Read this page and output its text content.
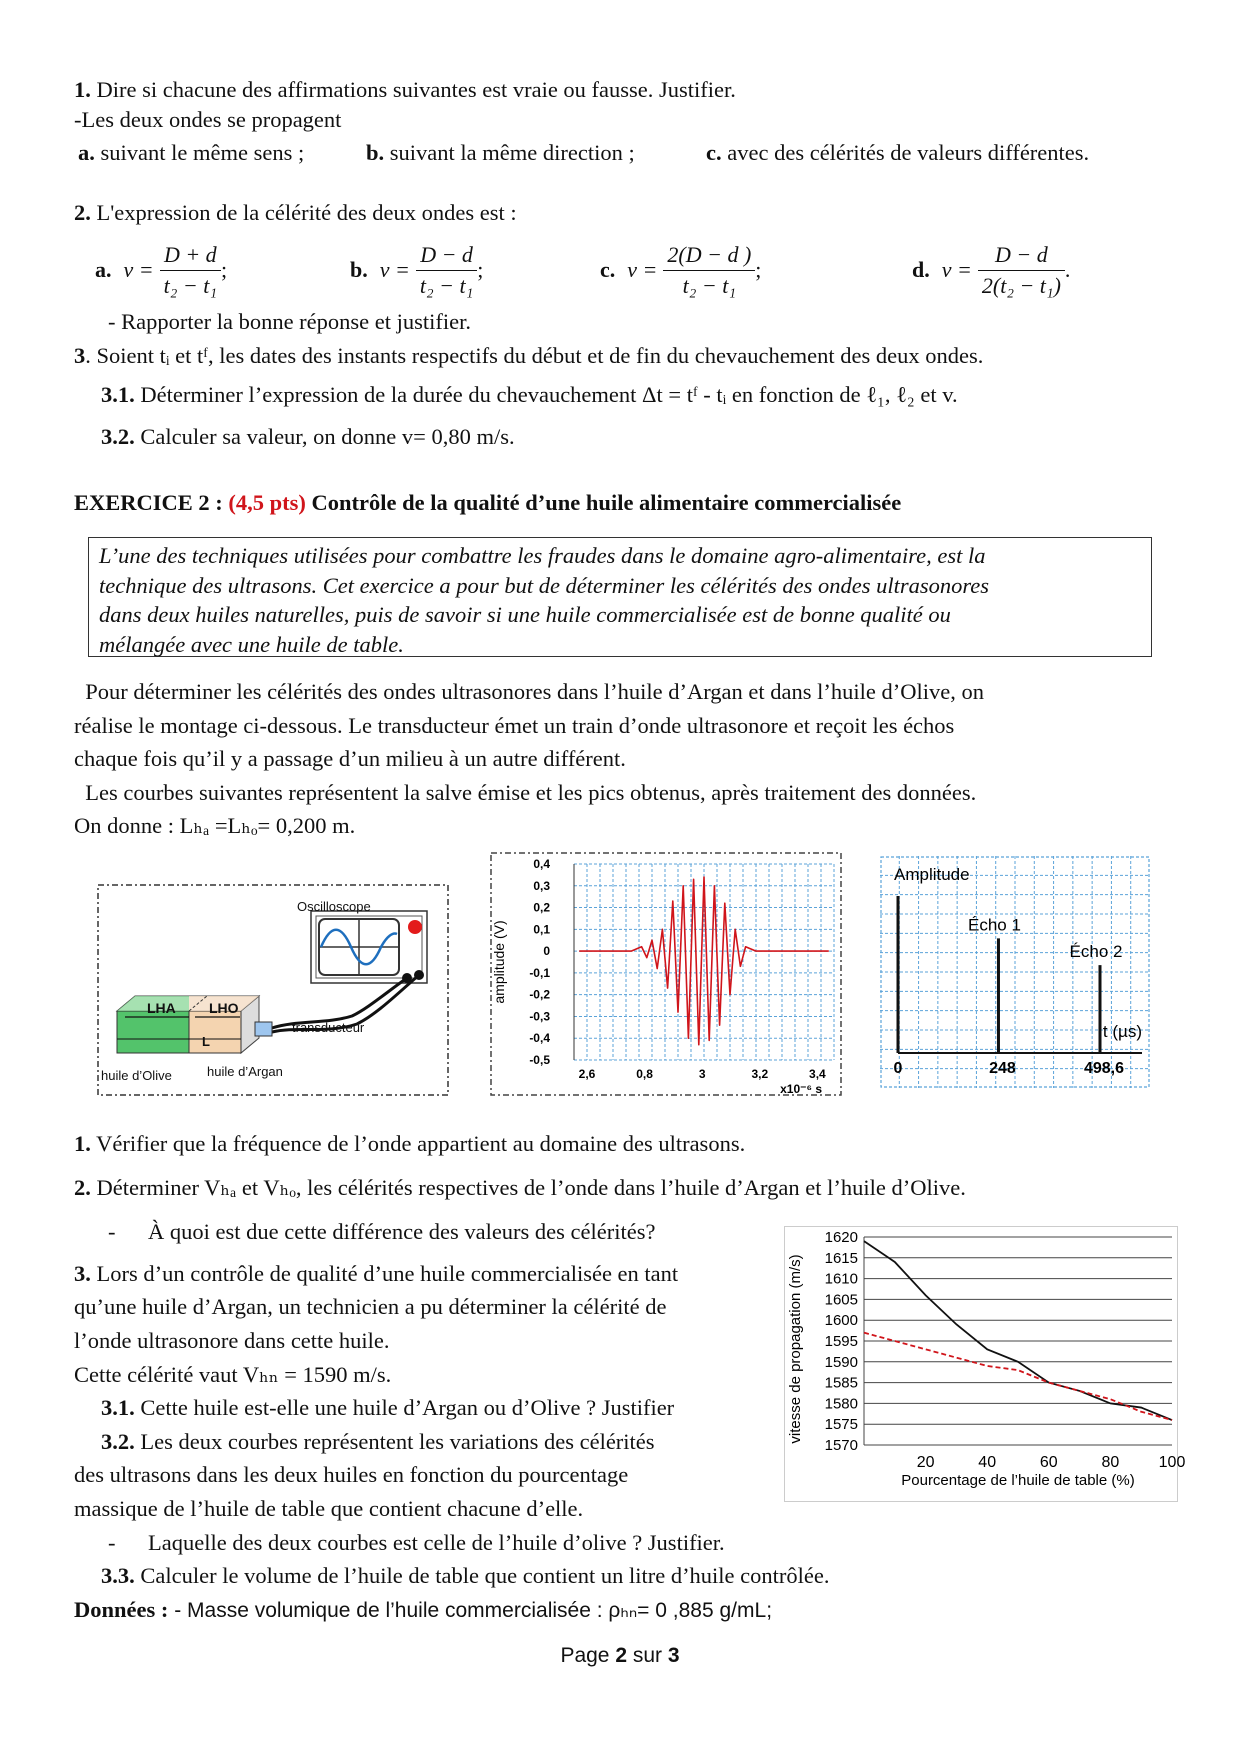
1. Dire si chacune des affirmations suivantes est vraie ou fausse. Justifier.
-Les deux ondes se propagent
a. suivant le même sens ;	b. suivant la même direction ;	c. avec des célérités de valeurs différentes.
2. L'expression de la célérité des deux ondes est :
a. $v = \frac{D + d}{\text{t₂ − t₁}}$ ;	b. $v = \frac{D - d}{\text{t₂ − t₁}}$ ;	c. $v = \frac{2(D - d )}{\text{t₂ − t₁}}$ ;	d. $v = \frac{D - d}{\text{2(t₂ − t₁)}}$ .
- Rapporter la bonne réponse et justifier.
3. Soient tᵢ et tᶠ, les dates des instants respectifs du début et de fin du chevauchement des deux ondes.
3.1. Déterminer l’expression de la durée du chevauchement Δt = tᶠ - tᵢ en fonction de ℓ₁, ℓ₂ et v.
3.2. Calculer sa valeur, on donne v= 0,80 m/s.
EXERCICE 2 : (4,5 pts) Contrôle de la qualité d’une huile alimentaire commercialisée
L’une des techniques utilisées pour combattre les fraudes dans le domaine agro-alimentaire, est la
technique des ultrasons. Cet exercice a pour but de déterminer les célérités des ondes ultrasonores
dans deux huiles naturelles, puis de savoir si une huile commercialisée est de bonne qualité ou
mélangée avec une huile de table.
Pour déterminer les célérités des ondes ultrasonores dans l’huile d’Argan et dans l’huile d’Olive, on
réalise le montage ci-dessous. Le transducteur émet un train d’onde ultrasonore et reçoit les échos
chaque fois qu’il y a passage d’un milieu à un autre différent.
Les courbes suivantes représentent la salve émise et les pics obtenus, après traitement des données.
On donne : Lₕₐ =Lₕₒ= 0,200 m.
Oscilloscope
LHA LHO
L
transducteur
huile d’Olive	huile d’Argan
0,4
0,3
0,2
0,1
0
-0,1
-0,2
-0,3
-0,4
-0,5
2,6	0,8	3	3,2	3,4
x10⁻⁶ s
amplitude (V)
Amplitude
Écho 1
Écho 2
0	248	498,6
t (µs)
1. Vérifier que la fréquence de l’onde appartient au domaine des ultrasons.
2. Déterminer Vₕₐ et Vₕₒ, les célérités respectives de l’onde dans l’huile d’Argan et l’huile d’Olive.
- À quoi est due cette différence des valeurs des célérités?
3. Lors d’un contrôle de qualité d’une huile commercialisée en tant
qu’une huile d’Argan, un technicien a pu déterminer la célérité de
l’onde ultrasonore dans cette huile.
Cette célérité vaut Vₕₙ = 1590 m/s.
3.1. Cette huile est-elle une huile d’Argan ou d’Olive ? Justifier
3.2. Les deux courbes représentent les variations des célérités
des ultrasons dans les deux huiles en fonction du pourcentage
massique de l’huile de table que contient chacune d’elle.
- Laquelle des deux courbes est celle de l’huile d’olive ? Justifier.
3.3. Calculer le volume de l’huile de table que contient un litre d’huile contrôlée.
Données : - Masse volumique de l’huile commercialisée : ρₕₙ= 0 ,885 g/mL;
1620
1615
1610
1605
1600
1595
1590
1585
1580
1575
1570
20	40	60	80 100
Pourcentage de l’huile de table (%)
vitesse de propagation (m/s)
Page 2 sur 3
